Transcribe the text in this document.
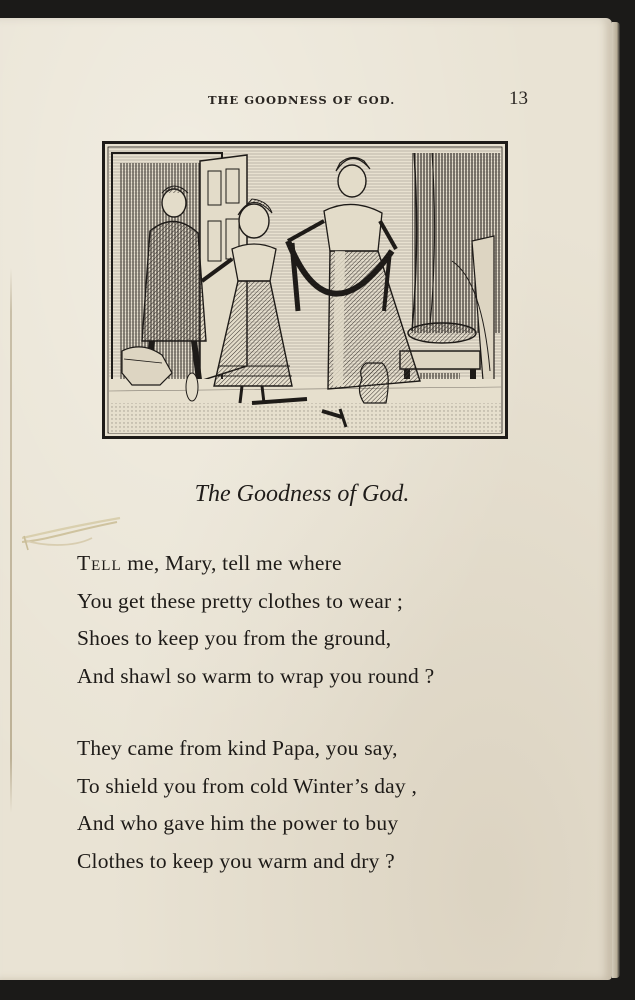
THE GOODNESS OF GOD.	13
The Goodness of God.
Tell me, Mary, tell me where
You get these pretty clothes to wear ;
Shoes to keep you from the ground,
And shawl so warm to wrap you round ?
They came from kind Papa, you say,
To shield you from cold Winter’s day ,
And who gave him the power to buy
Clothes to keep you warm and dry ?
